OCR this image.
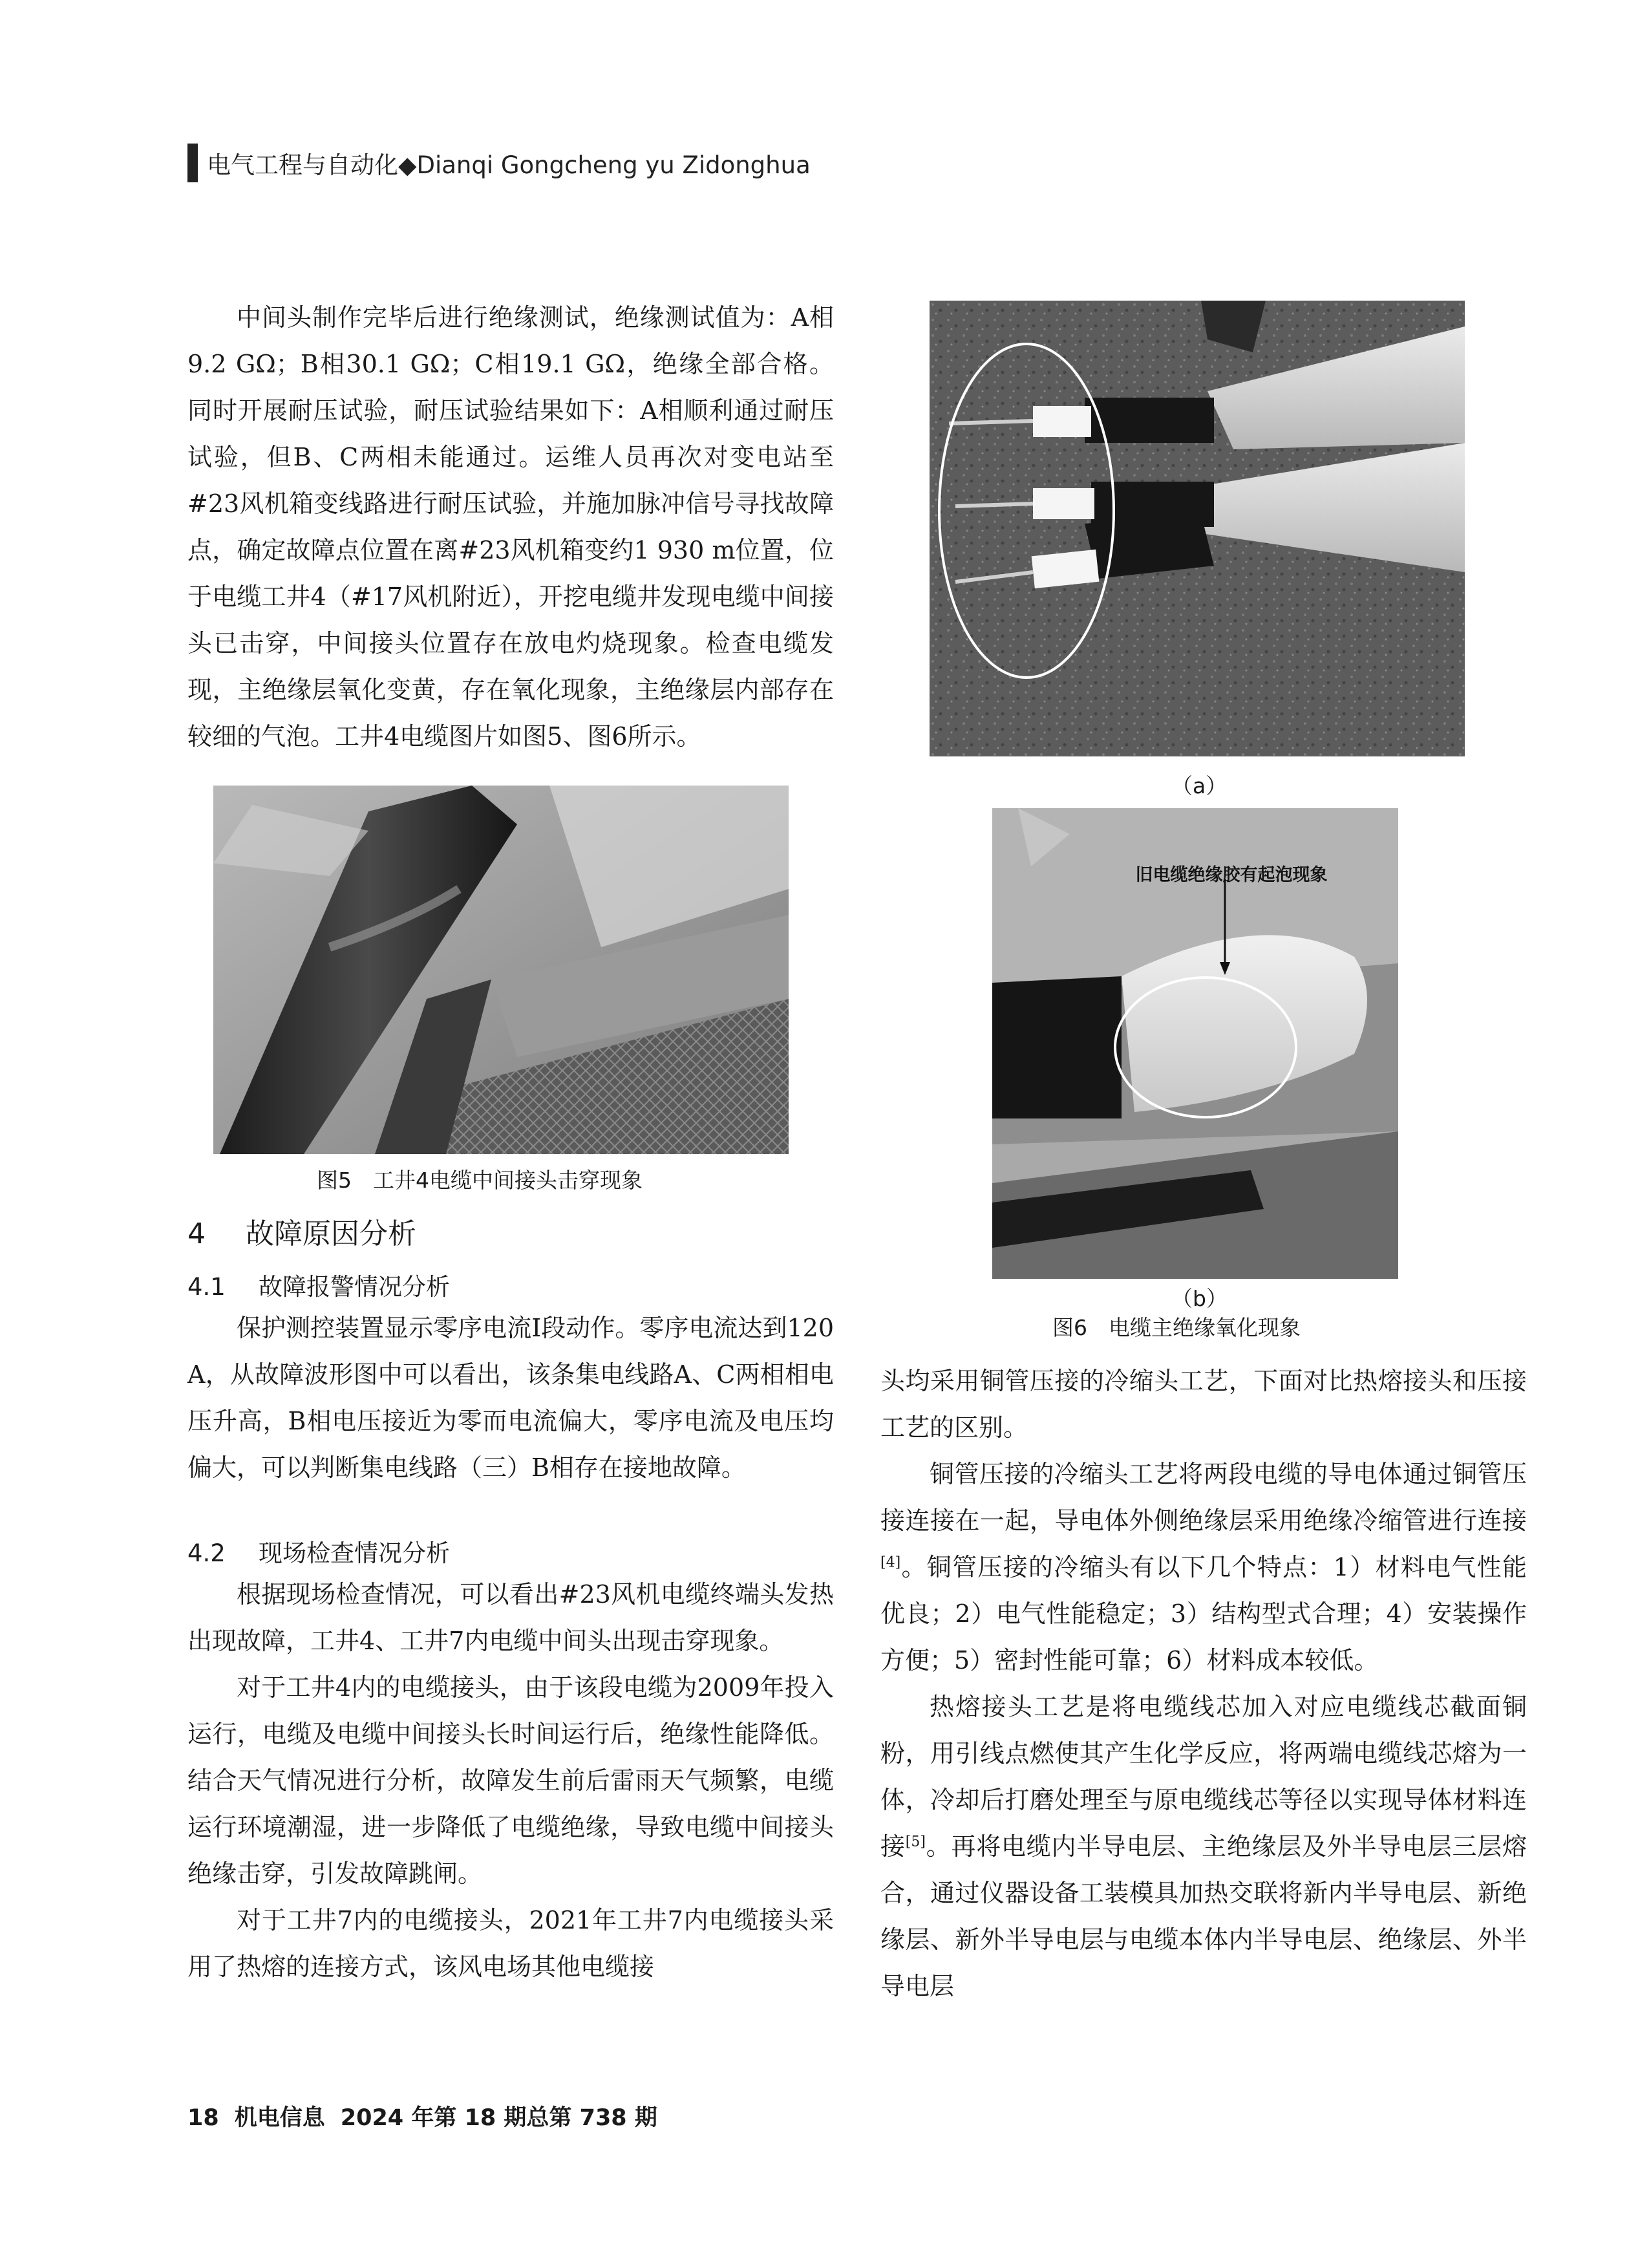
电气工程与自动化◆Dianqi Gongcheng yu Zidonghua

中间头制作完毕后进行绝缘测试，绝缘测试值为：A相9.2 GΩ；B相30.1 GΩ；C相19.1 GΩ，绝缘全部合格。同时开展耐压试验，耐压试验结果如下：A相顺利通过耐压试验，但B、C两相未能通过。运维人员再次对变电站至#23风机箱变线路进行耐压试验，并施加脉冲信号寻找故障点，确定故障点位置在离#23风机箱变约1 930 m位置，位于电缆工井4（#17风机附近），开挖电缆井发现电缆中间接头已击穿，中间接头位置存在放电灼烧现象。检查电缆发现，主绝缘层氧化变黄，存在氧化现象，主绝缘层内部存在较细的气泡。工井4电缆图片如图5、图6所示。

图5　工井4电缆中间接头击穿现象
4 故障原因分析
4.1 故障报警情况分析

保护测控装置显示零序电流Ⅰ段动作。零序电流达到120 A，从故障波形图中可以看出，该条集电线路A、C两相相电压升高，B相电压接近为零而电流偏大，零序电流及电压均偏大，可以判断集电线路（三）B相存在接地故障。

4.2 现场检查情况分析

根据现场检查情况，可以看出#23风机电缆终端头发热出现故障，工井4、工井7内电缆中间头出现击穿现象。

对于工井4内的电缆接头，由于该段电缆为2009年投入运行，电缆及电缆中间接头长时间运行后，绝缘性能降低。结合天气情况进行分析，故障发生前后雷雨天气频繁，电缆运行环境潮湿，进一步降低了电缆绝缘，导致电缆中间接头绝缘击穿，引发故障跳闸。

对于工井7内的电缆接头，2021年工井7内电缆接头采用了热熔的连接方式，该风电场其他电缆接

（a）
旧电缆绝缘胶有起泡现象
（b）
图6　电缆主绝缘氧化现象

头均采用铜管压接的冷缩头工艺，下面对比热熔接头和压接工艺的区别。

铜管压接的冷缩头工艺将两段电缆的导电体通过铜管压接连接在一起，导电体外侧绝缘层采用绝缘冷缩管进行连接[4]。铜管压接的冷缩头有以下几个特点：1）材料电气性能优良；2）电气性能稳定；3）结构型式合理；4）安装操作方便；5）密封性能可靠；6）材料成本较低。

热熔接头工艺是将电缆线芯加入对应电缆线芯截面铜粉，用引线点燃使其产生化学反应，将两端电缆线芯熔为一体，冷却后打磨处理至与原电缆线芯等径以实现导体材料连接[5]。再将电缆内半导电层、主绝缘层及外半导电层三层熔合，通过仪器设备工装模具加热交联将新内半导电层、新绝缘层、新外半导电层与电缆本体内半导电层、绝缘层、外半导电层

18 机电信息 2024 年第 18 期总第 738 期
